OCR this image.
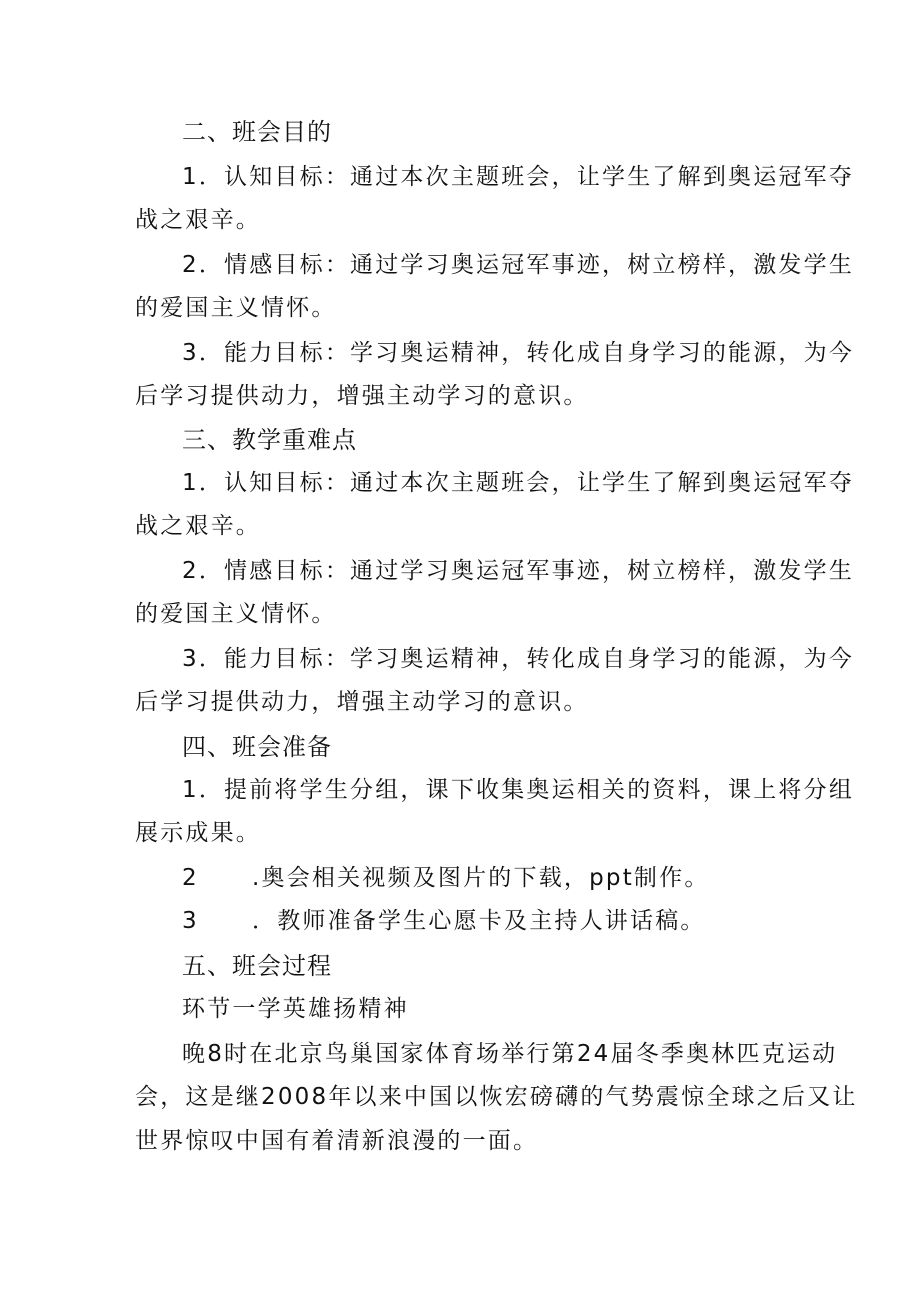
二、班会目的
1．认知目标：通过本次主题班会，让学生了解到奥运冠军夺
战之艰辛。
2．情感目标：通过学习奥运冠军事迹，树立榜样，激发学生
的爱国主义情怀。
3．能力目标：学习奥运精神，转化成自身学习的能源，为今
后学习提供动力，增强主动学习的意识。
三、教学重难点
1．认知目标：通过本次主题班会，让学生了解到奥运冠军夺
战之艰辛。
2．情感目标：通过学习奥运冠军事迹，树立榜样，激发学生
的爱国主义情怀。
3．能力目标：学习奥运精神，转化成自身学习的能源，为今
后学习提供动力，增强主动学习的意识。
四、班会准备
1．提前将学生分组，课下收集奥运相关的资料，课上将分组
展示成果。
2 .奥会相关视频及图片的下载，ppt制作。
3 ．教师准备学生心愿卡及主持人讲话稿。
五、班会过程
环节一学英雄扬精神
晚8时在北京鸟巢国家体育场举行第24届冬季奥林匹克运动
会，这是继2008年以来中国以恢宏磅礴的气势震惊全球之后又让
世界惊叹中国有着清新浪漫的一面。
